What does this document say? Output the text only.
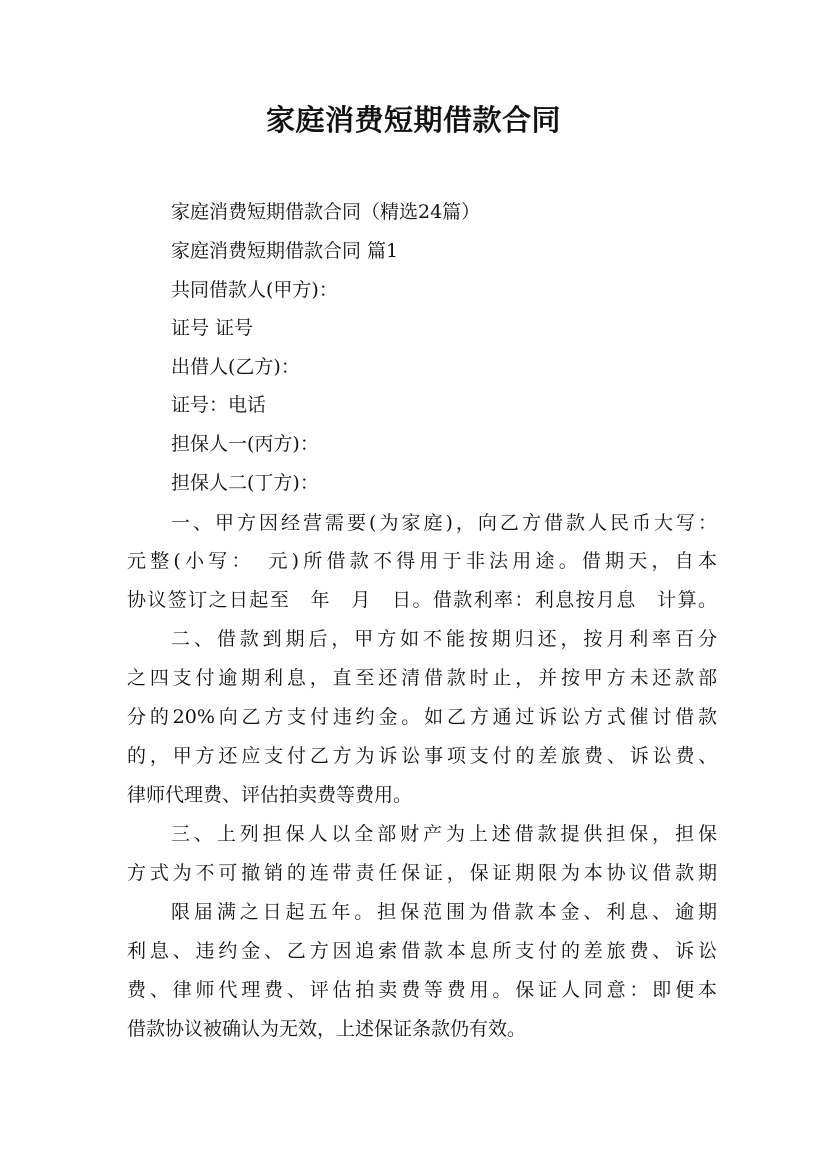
家庭消费短期借款合同
家庭消费短期借款合同（精选24篇）
家庭消费短期借款合同 篇1
共同借款人(甲方)：
证号 证号
出借人(乙方)：
证号：电话
担保人一(丙方)：
担保人二(丁方)：
一、甲方因经营需要(为家庭)，向乙方借款人民币大写：
元整(小写：　元)所借款不得用于非法用途。借期天，自本
协议签订之日起至　年　月　日。借款利率：利息按月息　计算。
二、借款到期后，甲方如不能按期归还，按月利率百分
之四支付逾期利息，直至还清借款时止，并按甲方未还款部
分的20%向乙方支付违约金。如乙方通过诉讼方式催讨借款
的，甲方还应支付乙方为诉讼事项支付的差旅费、诉讼费、
律师代理费、评估拍卖费等费用。
三、上列担保人以全部财产为上述借款提供担保，担保
方式为不可撤销的连带责任保证，保证期限为本协议借款期
限届满之日起五年。担保范围为借款本金、利息、逾期
利息、违约金、乙方因追索借款本息所支付的差旅费、诉讼
费、律师代理费、评估拍卖费等费用。保证人同意：即便本
借款协议被确认为无效，上述保证条款仍有效。
